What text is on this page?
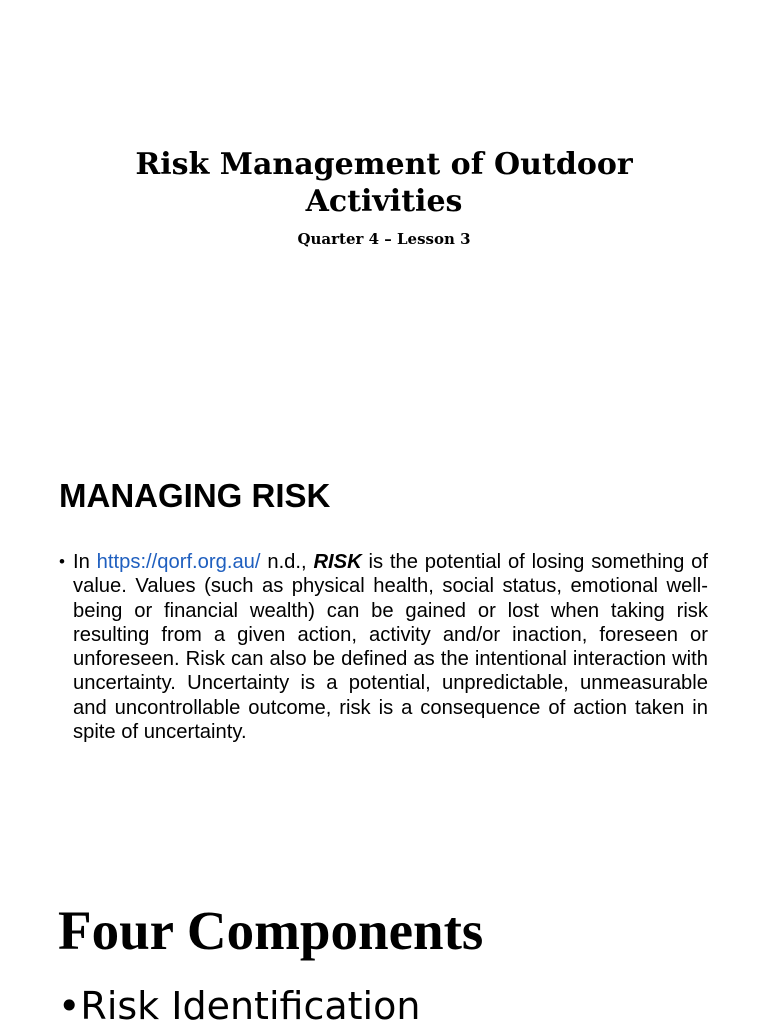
Risk Management of Outdoor Activities

Quarter 4 – Lesson 3

MANAGING RISK
• In https://qorf.org.au/ n.d., RISK is the potential of losing something of value. Values (such as physical health, social status, emotional well-being or financial wealth) can be gained or lost when taking risk resulting from a given action, activity and/or inaction, foreseen or unforeseen. Risk can also be defined as the intentional interaction with uncertainty. Uncertainty is a potential, unpredictable, unmeasurable and uncontrollable outcome, risk is a consequence of action taken in spite of uncertainty.

Four Components

•Risk Identification
